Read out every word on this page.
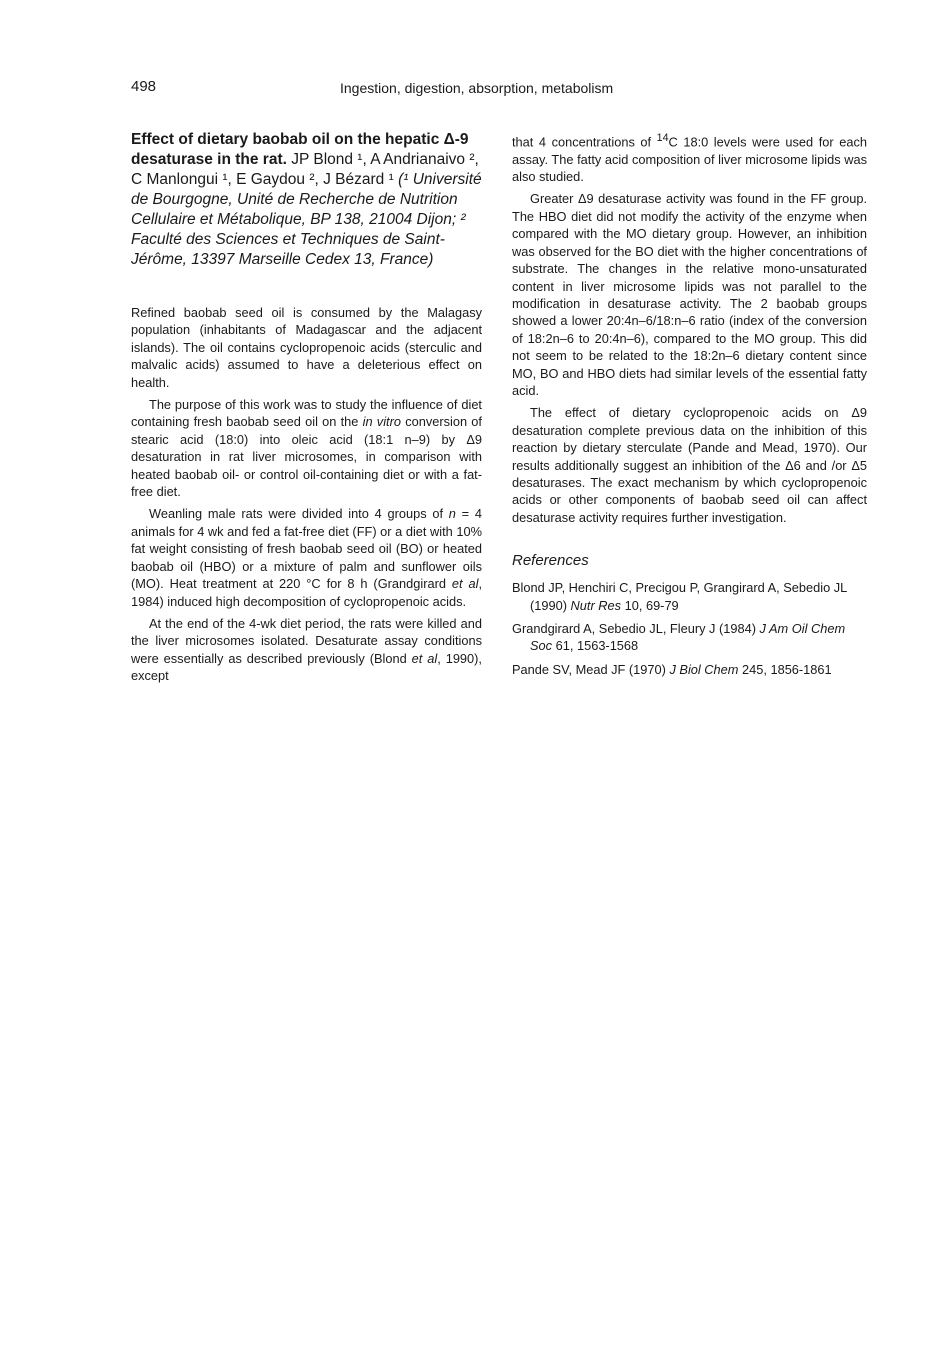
498	Ingestion, digestion, absorption, metabolism
Effect of dietary baobab oil on the hepatic Δ-9 desaturase in the rat. JP Blond ¹, A Andrianaivo ², C Manlongui ¹, E Gaydou ², J Bézard ¹ (¹ Université de Bourgogne, Unité de Recherche de Nutrition Cellulaire et Métabolique, BP 138, 21004 Dijon; ² Faculté des Sciences et Techniques de Saint-Jérôme, 13397 Marseille Cedex 13, France)

Refined baobab seed oil is consumed by the Malagasy population (inhabitants of Madagascar and the adjacent islands). The oil contains cyclopropenoic acids (sterculic and malvalic acids) assumed to have a deleterious effect on health.

The purpose of this work was to study the influence of diet containing fresh baobab seed oil on the in vitro conversion of stearic acid (18:0) into oleic acid (18:1 n–9) by Δ9 desaturation in rat liver microsomes, in comparison with heated baobab oil- or control oil-containing diet or with a fat-free diet.

Weanling male rats were divided into 4 groups of n = 4 animals for 4 wk and fed a fat-free diet (FF) or a diet with 10% fat weight consisting of fresh baobab seed oil (BO) or heated baobab oil (HBO) or a mixture of palm and sunflower oils (MO). Heat treatment at 220 °C for 8 h (Grandgirard et al, 1984) induced high decomposition of cyclopropenoic acids.

At the end of the 4-wk diet period, the rats were killed and the liver microsomes isolated. Desaturate assay conditions were essentially as described previously (Blond et al, 1990), except

that 4 concentrations of $^{14}$C 18:0 levels were used for each assay. The fatty acid composition of liver microsome lipids was also studied.

Greater Δ9 desaturase activity was found in the FF group. The HBO diet did not modify the activity of the enzyme when compared with the MO dietary group. However, an inhibition was observed for the BO diet with the higher concentrations of substrate. The changes in the relative mono-unsaturated content in liver microsome lipids was not parallel to the modification in desaturase activity. The 2 baobab groups showed a lower 20:4n–6/18:n–6 ratio (index of the conversion of 18:2n–6 to 20:4n–6), compared to the MO group. This did not seem to be related to the 18:2n–6 dietary content since MO, BO and HBO diets had similar levels of the essential fatty acid.

The effect of dietary cyclopropenoic acids on Δ9 desaturation complete previous data on the inhibition of this reaction by dietary sterculate (Pande and Mead, 1970). Our results additionally suggest an inhibition of the Δ6 and /or Δ5 desaturases. The exact mechanism by which cyclopropenoic acids or other components of baobab seed oil can affect desaturase activity requires further investigation.

References
Blond JP, Henchiri C, Precigou P, Grangirard A, Sebedio JL (1990) Nutr Res 10, 69-79
Grandgirard A, Sebedio JL, Fleury J (1984) J Am Oil Chem Soc 61, 1563-1568
Pande SV, Mead JF (1970) J Biol Chem 245, 1856-1861
